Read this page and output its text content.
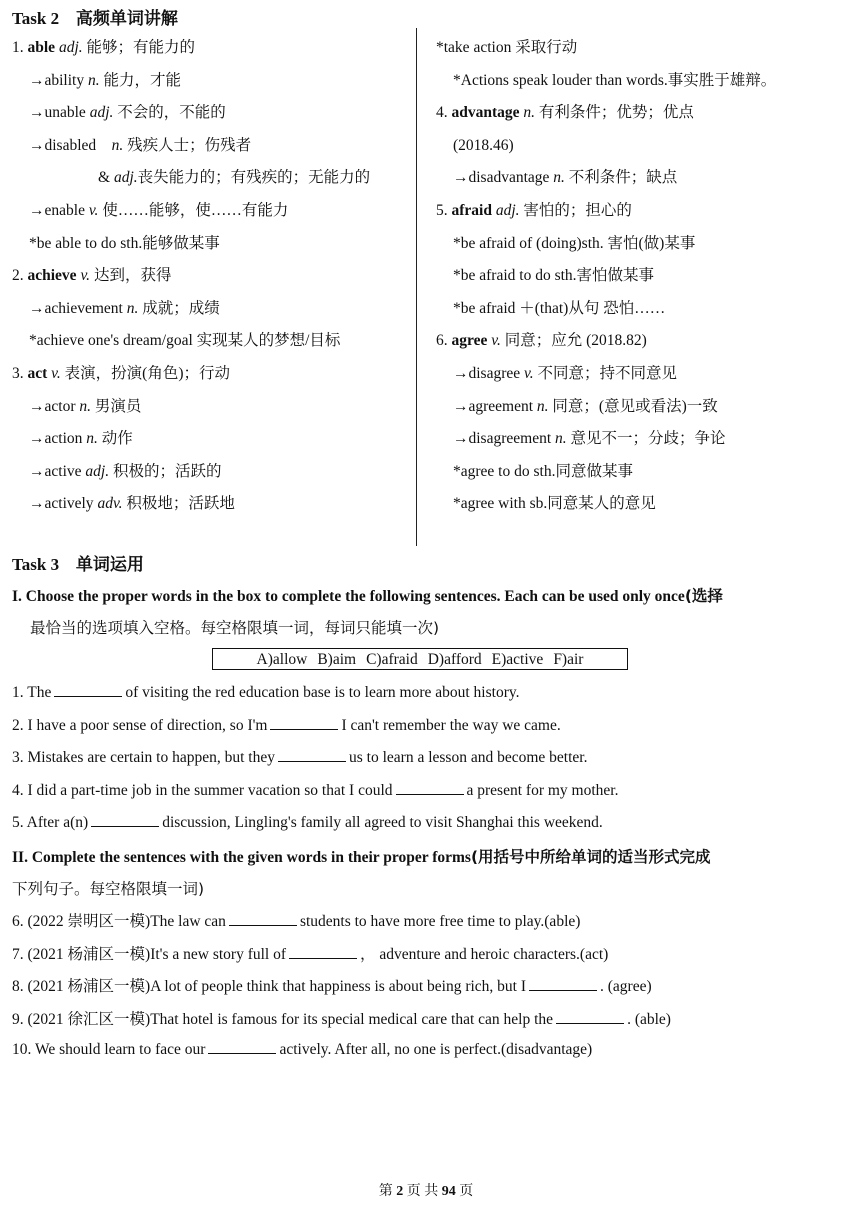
Task 2 高频单词讲解
1. able adj. 能够；有能力的
→ability n. 能力，才能
→unable adj. 不会的，不能的
→disabled　n. 残疾人士；伤残者
& adj.丧失能力的；有残疾的；无能力的
→enable v. 使……能够，使……有能力
*be able to do sth.能够做某事
2. achieve v. 达到，获得
→achievement n. 成就；成绩
*achieve one's dream/goal 实现某人的梦想/目标
3. act v. 表演，扮演(角色)；行动
→actor n. 男演员
→action n. 动作
→active adj. 积极的；活跃的
→actively adv. 积极地；活跃地
*take action 采取行动
*Actions speak louder than words.事实胜于雄辩。
4. advantage n. 有利条件；优势；优点
(2018.46)
→disadvantage n. 不利条件；缺点
5. afraid adj. 害怕的；担心的
*be afraid of (doing)sth. 害怕(做)某事
*be afraid to do sth.害怕做某事
*be afraid ＋(that)从句 恐怕……
6. agree v. 同意；应允 (2018.82)
→disagree v. 不同意；持不同意见
→agreement n. 同意；(意见或看法)一致
→disagreement n. 意见不一；分歧；争论
*agree to do sth.同意做某事
*agree with sb.同意某人的意见
Task 3 单词运用
I. Choose the proper words in the box to complete the following sentences. Each can be used only once(选择
最恰当的选项填入空格。每空格限填一词，每词只能填一次)
A)allow B)aim C)afraid D)afford E)active F)air
1. The	of visiting the red education base is to learn more about history.
2. I have a poor sense of direction, so I'm	I can't remember the way we came.
3. Mistakes are certain to happen, but they	us to learn a lesson and become better.
4. I did a part-time job in the summer vacation so that I could	a present for my mother.
5. After a(n)	discussion, Lingling's family all agreed to visit Shanghai this weekend.
II. Complete the sentences with the given words in their proper forms(用括号中所给单词的适当形式完成
下列句子。每空格限填一词)
6. (2022 崇明区一模)The law can	students to have more free time to play.(able)
7. (2021 杨浦区一模)It's a new story full of	， adventure and heroic characters.(act)
8. (2021 杨浦区一模)A lot of people think that happiness is about being rich, but I	. (agree)
9. (2021 徐汇区一模)That hotel is famous for its special medical care that can help the	. (able)
10. We should learn to face our	actively. After all, no one is perfect.(disadvantage)
第 2 页 共 94 页
